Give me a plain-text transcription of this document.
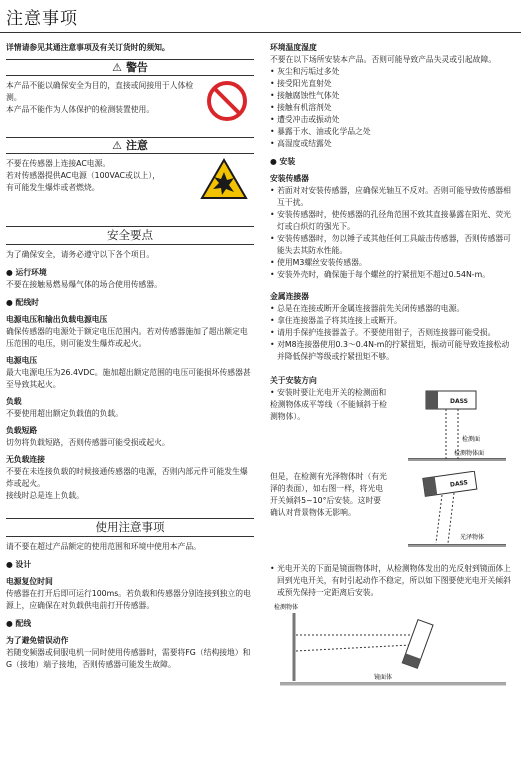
注意事项
详情请参见其通注意事项及有关订货时的须知。
⚠ 警告
本产品不能以确保安全为目的，直接或间接用于人体检测。
本产品不能作为人体保护的检测装置使用。
⚠ 注意
不要在传感器上连接AC电源。
若对传感器提供AC电源（100VAC或以上），
有可能发生爆炸或者燃烧。
安全要点
为了确保安全，请务必遵守以下各个项目。
● 运行环境
不要在接触易燃易爆气体的场合使用传感器。
● 配线时
电源电压和输出负载电源电压
确保传感器的电源处于额定电压范围内。若对传感器施加了超出额定电压范围的电压，则可能发生爆炸或起火。
电源电压
最大电源电压为26.4VDC。施加超出额定范围的电压可能损坏传感器甚至导致其起火。
负载
不要使用超出额定负载值的负载。
负载短路
切勿将负载短路，否则传感器可能受损或起火。
无负载连接
不要在未连接负载的时候接通传感器的电源，否则内部元件可能发生爆炸或起火。
接线时总是连上负载。
使用注意事项
请不要在超过产品额定的使用范围和环境中使用本产品。
● 设计
电源复位时间
传感器在打开后即可运行100ms。若负载和传感器分别连接到独立的电源上，应确保在对负载供电前打开传感器。
● 配线
为了避免错误动作
若随变频器或伺服电机一同时使用传感器时，需要将FG（结构接地）和G（接地）端子接地，否则传感器可能发生故障。
环境温度湿度
不要在以下场所安装本产品。否则可能导致产品失灵或引起故障。
• 灰尘和污垢过多处
• 接受阳光直射处
• 接触腐蚀性气体处
• 接触有机溶剂处
• 遭受冲击或振动处
• 暴露于水、油或化学品之处
• 高湿度或结露处
● 安装
安装传感器
• 若面对对安装传感器，应确保光轴互不反对。否则可能导致传感器相互干扰。
• 安装传感器时，使传感器的孔径角范围不致其直接暴露在阳光、荧光灯或白炽灯的强光下。
• 安装传感器时，勿以锤子或其他任何工具敲击传感器，否则传感器可能失去其防水性能。
• 使用M3螺丝安装传感器。
• 安装外壳时，确保施于每个螺丝的拧紧扭矩不超过0.54N-m。
金属连接器
• 总是在连接或断开金属连接器前先关闭传感器的电源。
• 拿住连接器盖子将其连接上或断开。
• 请用手保护连接器盖子。不要使用钳子，否则连接器可能受损。
• 对M8连接器使用0.3～0.4N-m的拧紧扭矩，振动可能导致连接松动并降低保护等级或拧紧扭矩不够。
关于安装方向
• 安装时要让光电开关的检测面和检测物体成平等线（不能倾斜于检测物体）。
DASS
检测面
检测物体面
但是，在检测有光泽物体时（有光泽的表面），如右图一样，将光电开关倾斜5~10°后安装。这时要确认对背景物体无影响。
DASS
光泽物体
• 光电开关的下面是镜面物体时，从检测物体发出的光反射到镜面体上回到光电开关，有时引起动作不稳定，所以如下图要使光电开关倾斜或预先保持一定距离后安装。
检测物体
镜面体
